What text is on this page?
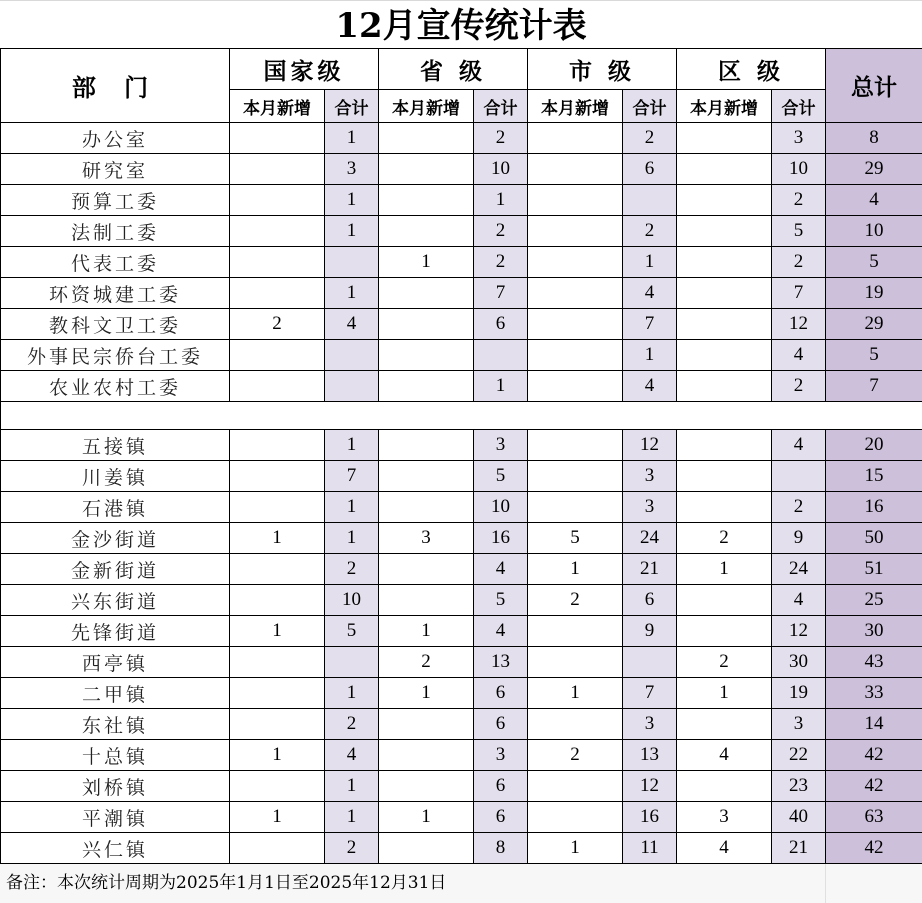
12月宣传统计表
部 门	国家级		省 级		市 级		区 级		总计
	本月新增	合计	本月新增	合计	本月新增	合计	本月新增	合计	
办公室		1		2		2		3	8
研究室		3		10		6		10	29
预算工委		1		1				2	4
法制工委		1		2		2		5	10
代表工委			1	2		1		2	5
环资城建工委		1		7		4		7	19
教科文卫工委	2	4		6		7		12	29
外事民宗侨台工委						1		4	5
农业农村工委				1		4		2	7

五接镇		1		3		12		4	20
川姜镇		7		5		3			15
石港镇		1		10		3		2	16
金沙街道	1	1	3	16	5	24	2	9	50
金新街道		2		4	1	21	1	24	51
兴东街道		10		5	2	6		4	25
先锋街道	1	5	1	4		9		12	30
西亭镇			2	13			2	30	43
二甲镇		1	1	6	1	7	1	19	33
东社镇		2		6		3		3	14
十总镇	1	4		3	2	13	4	22	42
刘桥镇		1		6		12		23	42
平潮镇	1	1	1	6		16	3	40	63
兴仁镇		2		8	1	11	4	21	42
备注：本次统计周期为2025年1月1日至2025年12月31日
